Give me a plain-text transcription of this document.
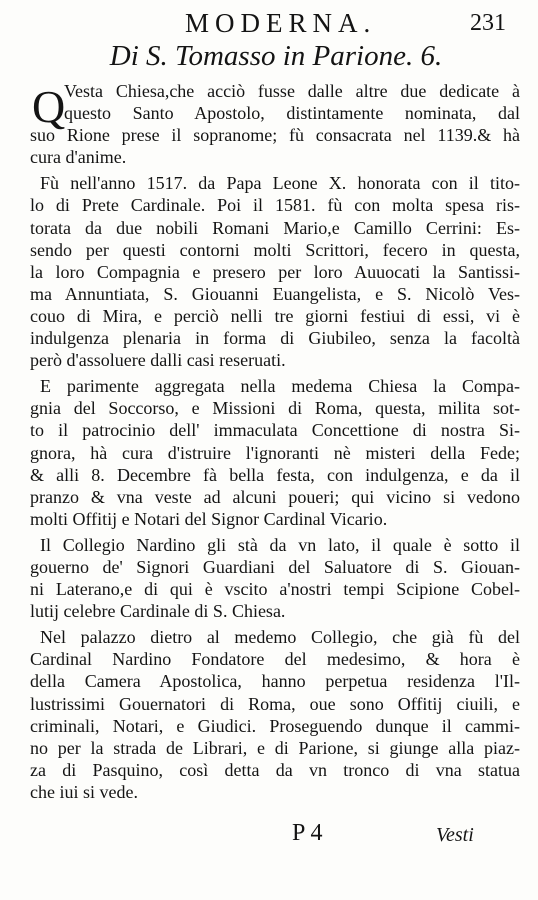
MODERNA.	231
Di S. Tomasso in Parione. 6.
Q
Vesta Chiesa,che acciò fusse dalle altre due dedicate à
questo Santo Apostolo, distintamente nominata, dal
suo Rione prese il sopranome; fù consacrata nel 1139.& hà
cura d'anime.
Fù nell'anno 1517. da Papa Leone X. honorata con il tito-
lo di Prete Cardinale. Poi il 1581. fù con molta spesa ris-
torata da due nobili Romani Mario,e Camillo Cerrini: Es-
sendo per questi contorni molti Scrittori, fecero in questa,
la loro Compagnia e presero per loro Auuocati la Santissi-
ma Annuntiata, S. Giouanni Euangelista, e S. Nicolò Ves-
couo di Mira, e perciò nelli tre giorni festiui di essi, vi è
indulgenza plenaria in forma di Giubileo, senza la facoltà
però d'assoluere dalli casi reseruati.
E parimente aggregata nella medema Chiesa la Compa-
gnia del Soccorso, e Missioni di Roma, questa, milita sot-
to il patrocinio dell' immaculata Concettione di nostra Si-
gnora, hà cura d'istruire l'ignoranti nè misteri della Fede;
& alli 8. Decembre fà bella festa, con indulgenza, e da il
pranzo & vna veste ad alcuni poueri; qui vicino si vedono
molti Offitij e Notari del Signor Cardinal Vicario.
Il Collegio Nardino gli stà da vn lato, il quale è sotto il
gouerno de' Signori Guardiani del Saluatore di S. Giouan-
ni Laterano,e di qui è vscito a'nostri tempi Scipione Cobel-
lutij celebre Cardinale di S. Chiesa.
Nel palazzo dietro al medemo Collegio, che già fù del
Cardinal Nardino Fondatore del medesimo, & hora è
della Camera Apostolica, hanno perpetua residenza l'Il-
lustrissimi Gouernatori di Roma, oue sono Offitij ciuili, e
criminali, Notari, e Giudici. Proseguendo dunque il cammi-
no per la strada de Librari, e di Parione, si giunge alla piaz-
za di Pasquino, così detta da vn tronco di vna statua
che iui si vede.
P 4	Vesti
